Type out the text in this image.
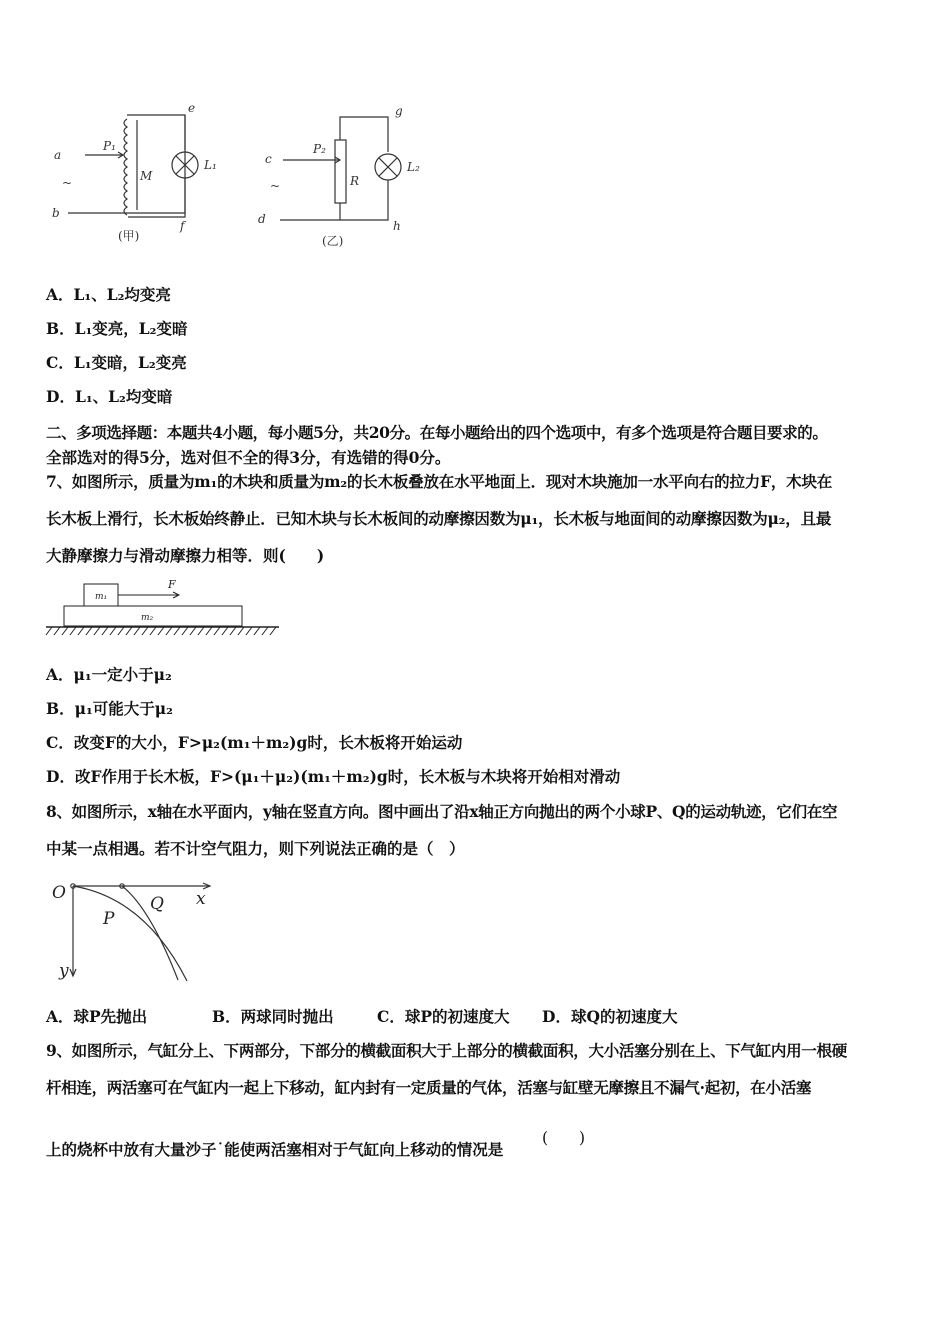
a
b
~
P₁
M
e
L₁
f
(甲)
c
~
d
P₂
R
g
L₂
h
(乙)
A．L₁、L₂均变亮
B．L₁变亮，L₂变暗
C．L₁变暗，L₂变亮
D．L₁、L₂均变暗
二、多项选择题：本题共4小题，每小题5分，共20分。在每小题给出的四个选项中，有多个选项是符合题目要求的。
全部选对的得5分，选对但不全的得3分，有选错的得0分。
7、如图所示，质量为m₁的木块和质量为m₂的长木板叠放在水平地面上．现对木块施加一水平向右的拉力F，木块在
长木板上滑行，长木板始终静止．已知木块与长木板间的动摩擦因数为μ₁，长木板与地面间的动摩擦因数为μ₂，且最
大静摩擦力与滑动摩擦力相等．则(　　)
m₁
m₂
F
A．μ₁一定小于μ₂
B．μ₁可能大于μ₂
C．改变F的大小，F>μ₂(m₁＋m₂)g时，长木板将开始运动
D．改F作用于长木板，F>(μ₁＋μ₂)(m₁＋m₂)g时，长木板与木块将开始相对滑动
8、如图所示，x轴在水平面内，y轴在竖直方向。图中画出了沿x轴正方向抛出的两个小球P、Q的运动轨迹，它们在空
中某一点相遇。若不计空气阻力，则下列说法正确的是（　）
O	x
y
P
Q
A．球P先抛出	B．两球同时抛出	C．球P的初速度大 D．球Q的初速度大
9、如图所示，气缸分上、下两部分，下部分的横截面积大于上部分的横截面积，大小活塞分别在上、下气缸内用一根硬
杆相连，两活塞可在气缸内一起上下移动，缸内封有一定质量的气体，活塞与缸壁无摩擦且不漏气·起初，在小活塞
上的烧杯中放有大量沙子˙能使两活塞相对于气缸向上移动的情况是
(　　)
